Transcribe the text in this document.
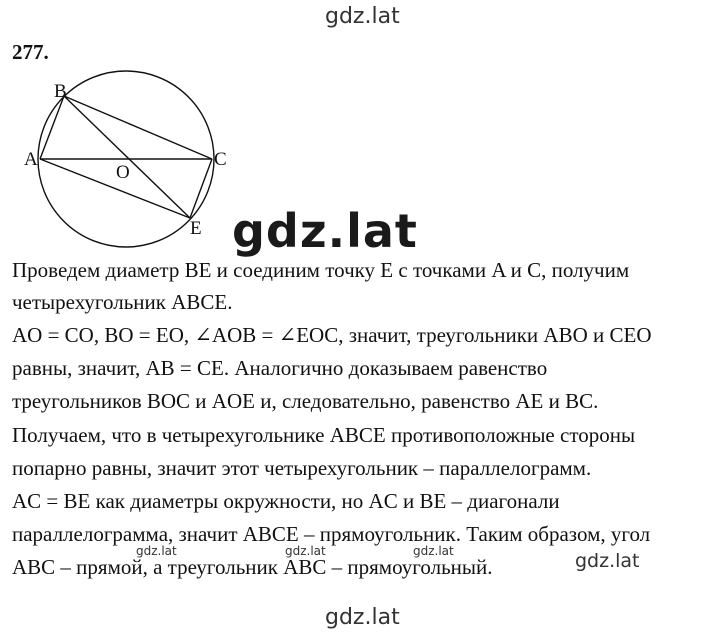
gdz.lat
277.
B
A	C
O
E gdz.lat
Проведем диаметр BE и соединим точку E с точками A и C, получим
четырехугольник ABCE.
AO = CO, BO = EO, ∠AOB = ∠EOC, значит, треугольники ABO и CEO
равны, значит, AB = CE. Аналогично доказываем равенство
треугольников BOC и AOE и, следовательно, равенство AE и BC.
Получаем, что в четырехугольнике ABCE противоположные стороны
попарно равны, значит этот четырехугольник – параллелограмм.
AC = BE как диаметры окружности, но AC и BE – диагонали
параллелограмма, значит ABCE – прямоугольник. Таким образом, угол
ABC – прямой, а треугольник ABC – прямоугольный.
gdz.lat	gdz.lat	gdz.lat	gdz.lat
gdz.lat
